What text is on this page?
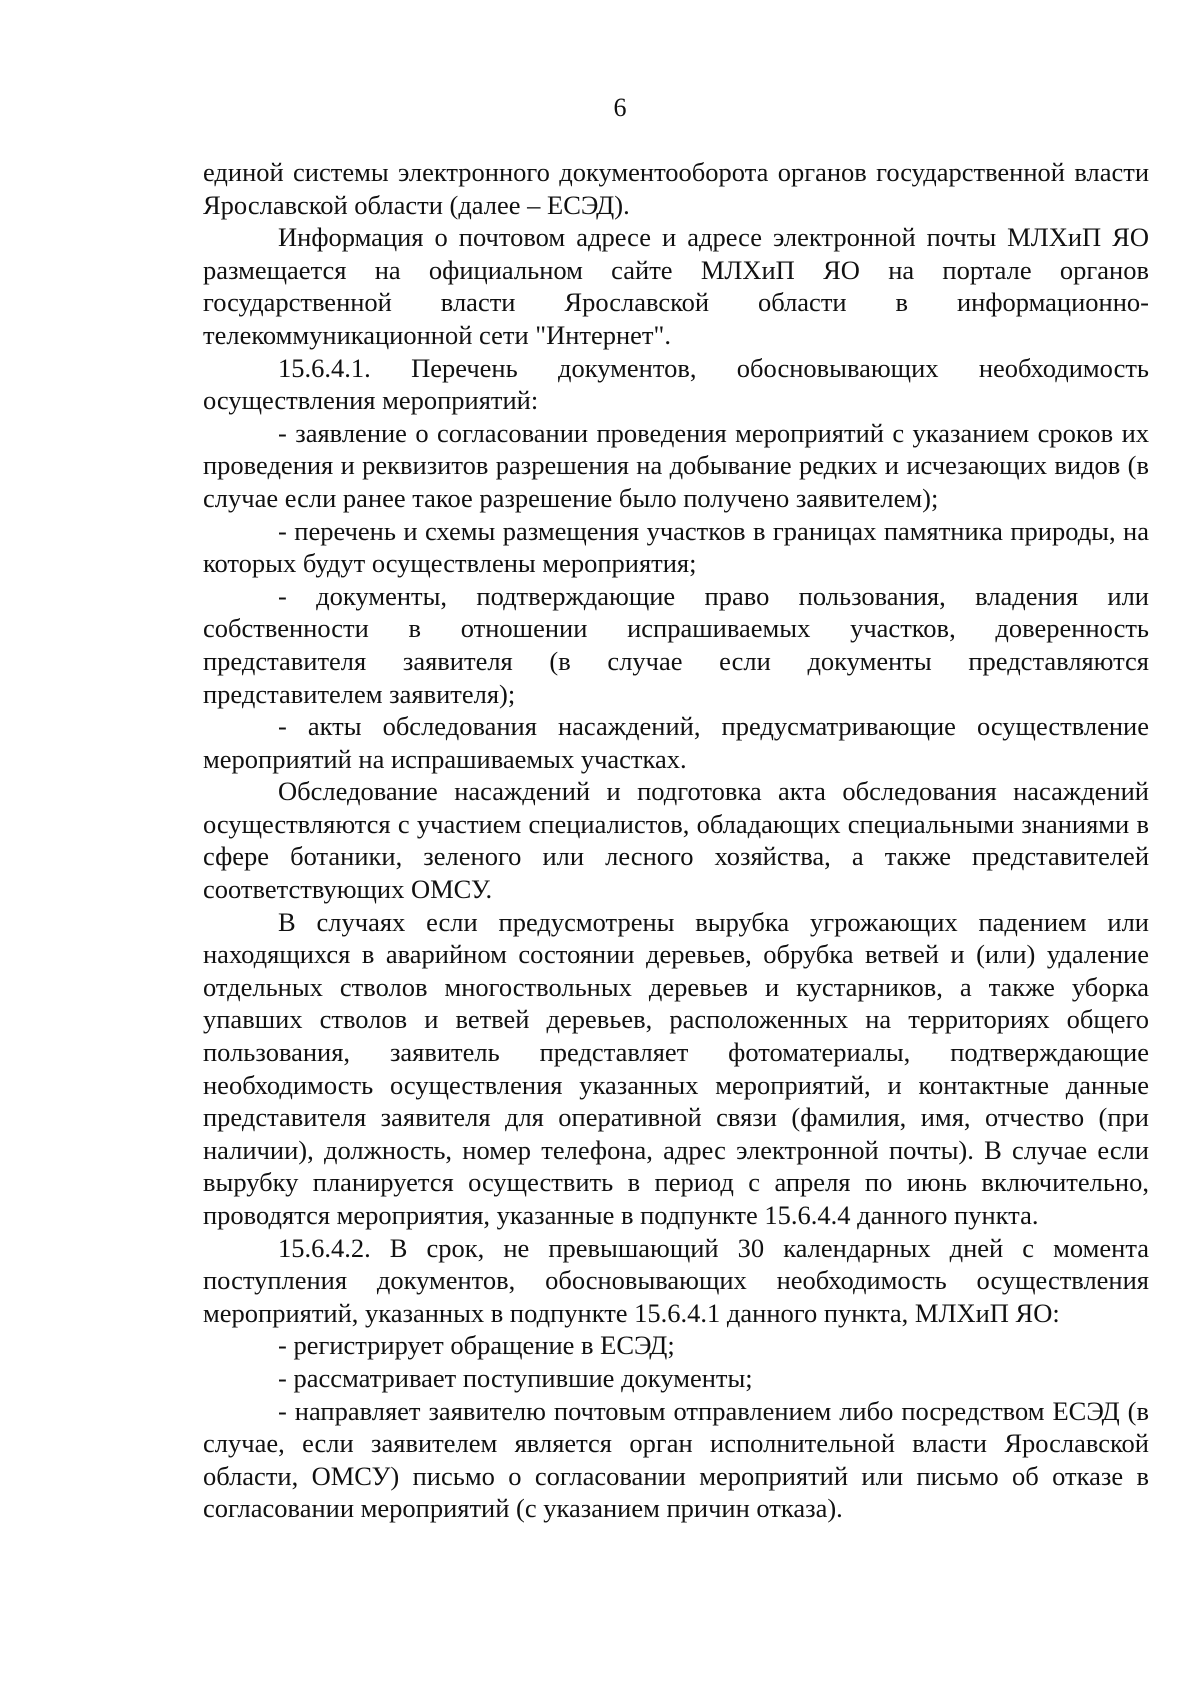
6

единой системы электронного документооборота органов государственной власти Ярославской области (далее – ЕСЭД).

Информация о почтовом адресе и адресе электронной почты МЛХиП ЯО размещается на официальном сайте МЛХиП ЯО на портале органов государственной власти Ярославской области в информационно-телекоммуникационной сети "Интернет".

15.6.4.1. Перечень документов, обосновывающих необходимость осуществления мероприятий:

- заявление о согласовании проведения мероприятий с указанием сроков их проведения и реквизитов разрешения на добывание редких и исчезающих видов (в случае если ранее такое разрешение было получено заявителем);

- перечень и схемы размещения участков в границах памятника природы, на которых будут осуществлены мероприятия;

- документы, подтверждающие право пользования, владения или собственности в отношении испрашиваемых участков, доверенность представителя заявителя (в случае если документы представляются представителем заявителя);

- акты обследования насаждений, предусматривающие осуществление мероприятий на испрашиваемых участках.

Обследование насаждений и подготовка акта обследования насаждений осуществляются с участием специалистов, обладающих специальными знаниями в сфере ботаники, зеленого или лесного хозяйства, а также представителей соответствующих ОМСУ.

В случаях если предусмотрены вырубка угрожающих падением или находящихся в аварийном состоянии деревьев, обрубка ветвей и (или) удаление отдельных стволов многоствольных деревьев и кустарников, а также уборка упавших стволов и ветвей деревьев, расположенных на территориях общего пользования, заявитель представляет фотоматериалы, подтверждающие необходимость осуществления указанных мероприятий, и контактные данные представителя заявителя для оперативной связи (фамилия, имя, отчество (при наличии), должность, номер телефона, адрес электронной почты). В случае если вырубку планируется осуществить в период с апреля по июнь включительно, проводятся мероприятия, указанные в подпункте 15.6.4.4 данного пункта.

15.6.4.2. В срок, не превышающий 30 календарных дней с момента поступления документов, обосновывающих необходимость осуществления мероприятий, указанных в подпункте 15.6.4.1 данного пункта, МЛХиП ЯО:

- регистрирует обращение в ЕСЭД;

- рассматривает поступившие документы;

- направляет заявителю почтовым отправлением либо посредством ЕСЭД (в случае, если заявителем является орган исполнительной власти Ярославской области, ОМСУ) письмо о согласовании мероприятий или письмо об отказе в согласовании мероприятий (с указанием причин отказа).
